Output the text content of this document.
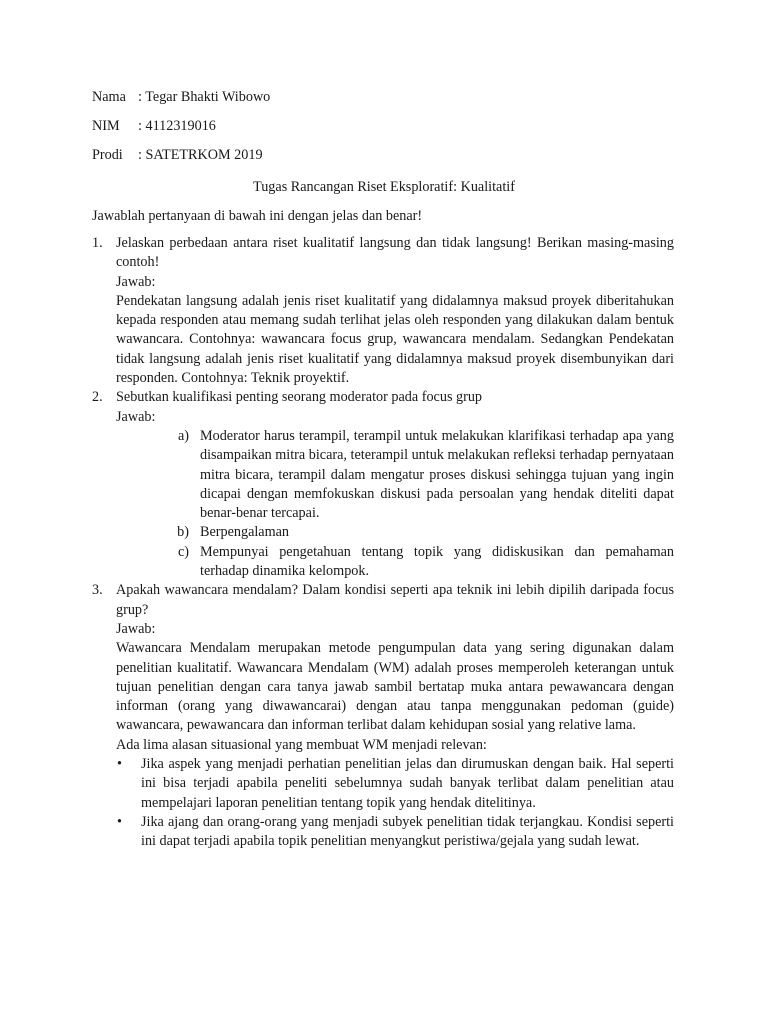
Nama : Tegar Bhakti Wibowo
NIM	: 4112319016
Prodi	: SATETRKOM 2019
Tugas Rancangan Riset Eksploratif: Kualitatif
Jawablah pertanyaan di bawah ini dengan jelas dan benar!
1. Jelaskan perbedaan antara riset kualitatif langsung dan tidak langsung! Berikan masing-masing contoh!

Jawab:

Pendekatan langsung adalah jenis riset kualitatif yang didalamnya maksud proyek diberitahukan kepada responden atau memang sudah terlihat jelas oleh responden yang dilakukan dalam bentuk wawancara. Contohnya: wawancara focus grup, wawancara mendalam. Sedangkan Pendekatan tidak langsung adalah jenis riset kualitatif yang didalamnya maksud proyek disembunyikan dari responden. Contohnya: Teknik proyektif.

2. Sebutkan kualifikasi penting seorang moderator pada focus grup

Jawab:

a) Moderator harus terampil, terampil untuk melakukan klarifikasi terhadap apa yang disampaikan mitra bicara, teterampil untuk melakukan refleksi terhadap pernyataan mitra bicara, terampil dalam mengatur proses diskusi sehingga tujuan yang ingin dicapai dengan memfokuskan diskusi pada persoalan yang hendak diteliti dapat benar-benar tercapai.

b) Berpengalaman

c) Mempunyai pengetahuan tentang topik yang didiskusikan dan pemahaman terhadap dinamika kelompok.

3. Apakah wawancara mendalam? Dalam kondisi seperti apa teknik ini lebih dipilih daripada focus grup?

Jawab:

Wawancara Mendalam merupakan metode pengumpulan data yang sering digunakan dalam penelitian kualitatif. Wawancara Mendalam (WM) adalah proses memperoleh keterangan untuk tujuan penelitian dengan cara tanya jawab sambil bertatap muka antara pewawancara dengan informan (orang yang diwawancarai) dengan atau tanpa menggunakan pedoman (guide) wawancara, pewawancara dan informan terlibat dalam kehidupan sosial yang relative lama.

Ada lima alasan situasional yang membuat WM menjadi relevan:

•	Jika aspek yang menjadi perhatian penelitian jelas dan dirumuskan dengan baik. Hal seperti ini bisa terjadi apabila peneliti sebelumnya sudah banyak terlibat dalam penelitian atau mempelajari laporan penelitian tentang topik yang hendak ditelitinya.

•	Jika ajang dan orang-orang yang menjadi subyek penelitian tidak terjangkau. Kondisi seperti ini dapat terjadi apabila topik penelitian menyangkut peristiwa/gejala yang sudah lewat.
